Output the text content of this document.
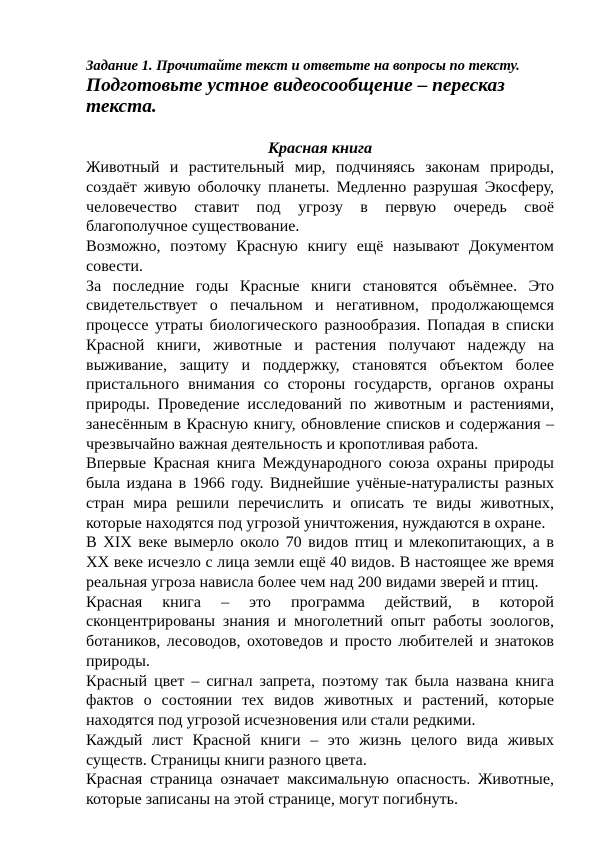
Задание 1. Прочитайте текст и ответьте на вопросы по тексту. Подготовьте устное видеосообщение – пересказ текста.

Красная книга

Животный и растительный мир, подчиняясь законам природы, создаёт живую оболочку планеты. Медленно разрушая Экосферу, человечество ставит под угрозу в первую очередь своё благополучное существование.

Возможно, поэтому Красную книгу ещё называют Документом совести.

За последние годы Красные книги становятся объёмнее. Это свидетельствует о печальном и негативном, продолжающемся процессе утраты биологического разнообразия. Попадая в списки Красной книги, животные и растения получают надежду на выживание, защиту и поддержку, становятся объектом более пристального внимания со стороны государств, органов охраны природы. Проведение исследований по животным и растениями, занесённым в Красную книгу, обновление списков и содержания – чрезвычайно важная деятельность и кропотливая работа.

Впервые Красная книга Международного союза охраны природы была издана в 1966 году. Виднейшие учёные-натуралисты разных стран мира решили перечислить и описать те виды животных, которые находятся под угрозой уничтожения, нуждаются в охране.

В XIX веке вымерло около 70 видов птиц и млекопитающих, а в XX веке исчезло с лица земли ещё 40 видов. В настоящее же время реальная угроза нависла более чем над 200 видами зверей и птиц.

Красная книга – это программа действий, в которой сконцентрированы знания и многолетний опыт работы зоологов, ботаников, лесоводов, охотоведов и просто любителей и знатоков природы.

Красный цвет – сигнал запрета, поэтому так была названа книга фактов о состоянии тех видов животных и растений, которые находятся под угрозой исчезновения или стали редкими.

Каждый лист Красной книги – это жизнь целого вида живых существ. Страницы книги разного цвета.

Красная страница означает максимальную опасность. Животные, которые записаны на этой странице, могут погибнуть.
